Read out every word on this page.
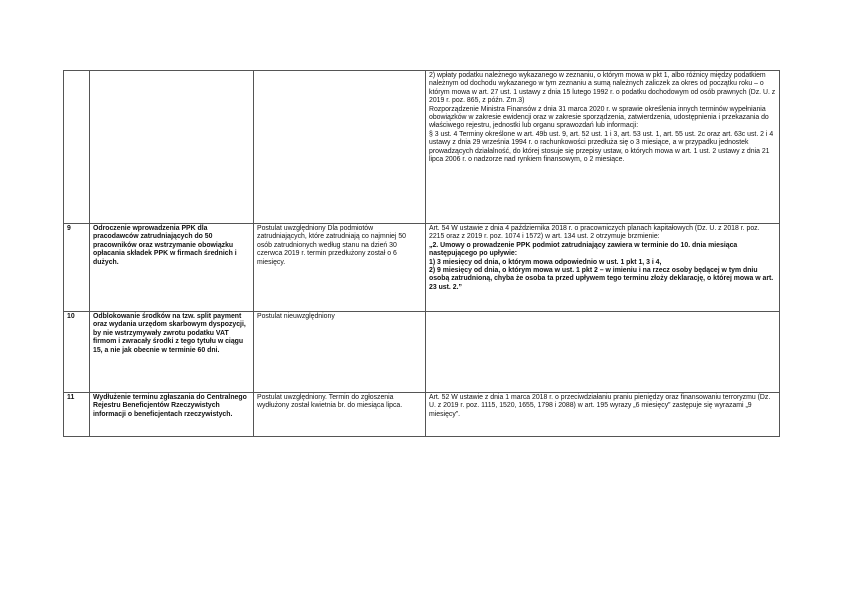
			2) wpłaty podatku należnego wykazanego w zeznaniu, o którym mowa w pkt 1, albo różnicy między podatkiem należnym od dochodu wykazanego w tym zeznaniu a sumą należnych zaliczek za okres od początku roku – o którym mowa w art. 27 ust. 1 ustawy z dnia 15 lutego 1992 r. o podatku dochodowym od osób prawnych (Dz. U. z 2019 r. poz. 865, z późn. Zm.3)
Rozporządzenie Ministra Finansów z dnia 31 marca 2020 r. w sprawie określenia innych terminów wypełniania obowiązków w zakresie ewidencji oraz w zakresie sporządzenia, zatwierdzenia, udostępnienia i przekazania do właściwego rejestru, jednostki lub organu sprawozdań lub informacji:
§ 3 ust. 4 Terminy określone w art. 49b ust. 9, art. 52 ust. 1 i 3, art. 53 ust. 1, art. 55 ust. 2c oraz art. 63c ust. 2 i 4 ustawy z dnia 29 września 1994 r. o rachunkowości przedłuża się o 3 miesiące, a w przypadku jednostek prowadzących działalność, do której stosuje się przepisy ustaw, o których mowa w art. 1 ust. 2 ustawy z dnia 21 lipca 2006 r. o nadzorze nad rynkiem finansowym, o 2 miesiące.

9	Odroczenie wprowadzenia PPK dla pracodawców zatrudniających do 50 pracowników oraz wstrzymanie obowiązku opłacania składek PPK w firmach średnich i dużych.	Postulat uwzględniony Dla podmiotów zatrudniających, które zatrudniają co najmniej 50 osób zatrudnionych według stanu na dzień 30 czerwca 2019 r. termin przedłużony został o 6 miesięcy.	Art. 54 W ustawie z dnia 4 października 2018 r. o pracowniczych planach kapitałowych (Dz. U. z 2018 r. poz. 2215 oraz z 2019 r. poz. 1074 i 1572) w art. 134 ust. 2 otrzymuje brzmienie:
„2. Umowy o prowadzenie PPK podmiot zatrudniający zawiera w terminie do 10. dnia miesiąca następującego po upływie:
1) 3 miesięcy od dnia, o którym mowa odpowiednio w ust. 1 pkt 1, 3 i 4,
2) 9 miesięcy od dnia, o którym mowa w ust. 1 pkt 2 – w imieniu i na rzecz osoby będącej w tym dniu osobą zatrudnioną, chyba że osoba ta przed upływem tego terminu złoży deklarację, o której mowa w art. 23 ust. 2.”

10	Odblokowanie środków na tzw. split payment oraz wydania urzędom skarbowym dyspozycji, by nie wstrzymywały zwrotu podatku VAT firmom i zwracały środki z tego tytułu w ciągu 15, a nie jak obecnie w terminie 60 dni.	Postulat nieuwzględniony	
11	Wydłużenie terminu zgłaszania do Centralnego Rejestru Beneficjentów Rzeczywistych informacji o beneficjentach rzeczywistych.	Postulat uwzględniony. Termin do zgłoszenia wydłużony został kwietnia br. do miesiąca lipca.	Art. 52 W ustawie z dnia 1 marca 2018 r. o przeciwdziałaniu praniu pieniędzy oraz finansowaniu terroryzmu (Dz. U. z 2019 r. poz. 1115, 1520, 1655, 1798 i 2088) w art. 195 wyrazy „6 miesięcy” zastępuje się wyrazami „9 miesięcy”.
